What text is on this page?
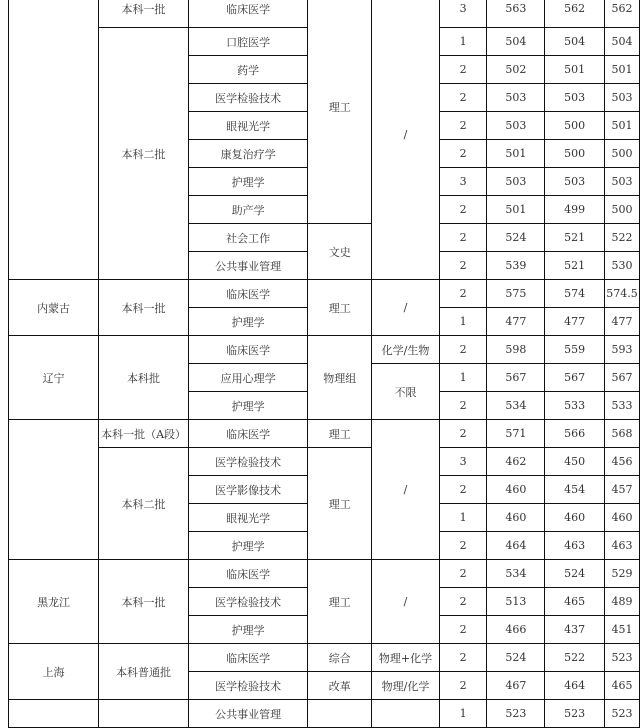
	本科一批	临床医学	理工	/	3	563	562	562
	本科二批	口腔医学			1	504	504	504
		药学			2	502	501	501
		医学检验技术			2	503	503	503
		眼视光学			2	503	500	501
		康复治疗学			2	501	500	500
		护理学			3	503	503	503
		助产学			2	501	499	500
		社会工作	文史		2	524	521	522
		公共事业管理			2	539	521	530
内蒙古	本科一批	临床医学	理工	/	2	575	574	574.5
		护理学			1	477	477	477
辽宁	本科批	临床医学	物理组	化学/生物	2	598	559	593
		应用心理学		不限	1	567	567	567
		护理学			2	534	533	533
	本科一批（A段）	临床医学	理工	/	2	571	566	568
	本科二批	医学检验技术	理工		3	462	450	456
		医学影像技术			2	460	454	457
		眼视光学			1	460	460	460
		护理学			2	464	463	463
黑龙江	本科一批	临床医学	理工	/	2	534	524	529
		医学检验技术			2	513	465	489
		护理学			2	466	437	451
上海	本科普通批	临床医学	综合	物理+化学	2	524	522	523
		医学检验技术	改革	物理/化学	2	467	464	465
		公共事业管理			1	523	523	523
